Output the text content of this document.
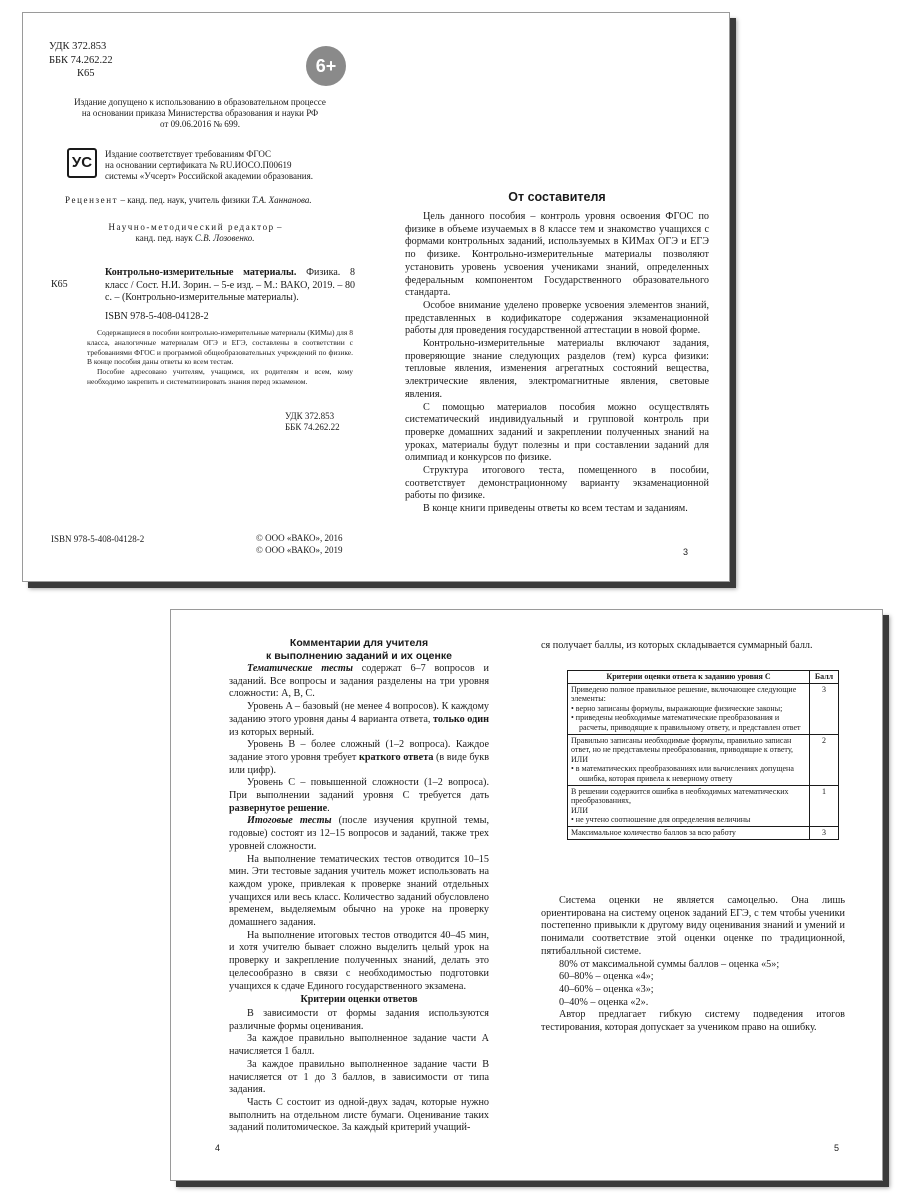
УДК 372.853
ББК 74.262.22
К65	6+
Издание допущено к использованию в образовательном процессе
на основании приказа Министерства образования и науки РФ
от 09.06.2016 № 699.
УС	Издание соответствует требованиям ФГОС
на основании сертификата № RU.ИОСО.П00619
системы «Учсерт» Российской академии образования.
Рецензент – канд. пед. наук, учитель физики Т.А. Ханнанова.
Научно-методический редактор –
канд. пед. наук С.В. Лозовенко.
К65
Контрольно-измерительные материалы. Физика. 8 класс / Сост. Н.И. Зорин. – 5-е изд. – М.: ВАКО, 2019. – 80 с. – (Контрольно-измерительные материалы).
ISBN 978-5-408-04128-2

Содержащиеся в пособии контрольно-измерительные материалы (КИМы) для 8 класса, аналогичные материалам ОГЭ и ЕГЭ, составлены в соответствии с требованиями ФГОС и программой общеобразовательных учреждений по физике. В конце пособия даны ответы ко всем тестам.

Пособие адресовано учителям, учащимся, их родителям и всем, кому необходимо закрепить и систематизировать знания перед экзаменом.

УДК 372.853
ББК 74.262.22
ISBN 978-5-408-04128-2	© ООО «ВАКО», 2016
© ООО «ВАКО», 2019
От составителя

Цель данного пособия – контроль уровня освоения ФГОС по физике в объеме изучаемых в 8 классе тем и знакомство учащихся с формами контрольных заданий, используемых в КИМах ОГЭ и ЕГЭ по физике. Контрольно-измерительные материалы позволяют установить уровень усвоения учениками знаний, определенных федеральным компонентом Государственного образовательного стандарта.

Особое внимание уделено проверке усвоения элементов знаний, представленных в кодификаторе содержания экзаменационной работы для проведения государственной аттестации в новой форме.

Контрольно-измерительные материалы включают задания, проверяющие знание следующих разделов (тем) курса физики: тепловые явления, изменения агрегатных состояний вещества, электрические явления, электромагнитные явления, световые явления.

С помощью материалов пособия можно осуществлять систематический индивидуальный и групповой контроль при проверке домашних заданий и закреплении полученных знаний на уроках, материалы будут полезны и при составлении заданий для олимпиад и конкурсов по физике.

Структура итогового теста, помещенного в пособии, соответствует демонстрационному варианту экзаменационной работы по физике.

В конце книги приведены ответы ко всем тестам и заданиям.

3
Комментарии для учителя
к выполнению заданий и их оценке

Тематические тесты содержат 6–7 вопросов и заданий. Все вопросы и задания разделены на три уровня сложности: A, B, C.

Уровень A – базовый (не менее 4 вопросов). К каждому заданию этого уровня даны 4 варианта ответа, только один из которых верный.

Уровень B – более сложный (1–2 вопроса). Каждое задание этого уровня требует краткого ответа (в виде букв или цифр).

Уровень C – повышенной сложности (1–2 вопроса). При выполнении заданий уровня C требуется дать развернутое решение.

Итоговые тесты (после изучения крупной темы, годовые) состоят из 12–15 вопросов и заданий, также трех уровней сложности.

На выполнение тематических тестов отводится 10–15 мин. Эти тестовые задания учитель может использовать на каждом уроке, привлекая к проверке знаний отдельных учащихся или весь класс. Количество заданий обусловлено временем, выделяемым обычно на уроке на проверку домашнего задания.

На выполнение итоговых тестов отводится 40–45 мин, и хотя учителю бывает сложно выделить целый урок на проверку и закрепление полученных знаний, делать это целесообразно в связи с необходимостью подготовки учащихся к сдаче Единого государственного экзамена.

Критерии оценки ответов

В зависимости от формы задания используются различные формы оценивания.

За каждое правильно выполненное задание части A начисляется 1 балл.

За каждое правильно выполненное задание части B начисляется от 1 до 3 баллов, в зависимости от типа задания.

Часть C состоит из одной-двух задач, которые нужно выполнить на отдельном листе бумаги. Оценивание таких заданий политомическое. За каждый критерий учащий-

4

ся получает баллы, из которых складывается суммарный балл.

Критерии оценки ответа к заданию уровня C	Балл
Приведено полное правильное решение, включающее следующие элементы:
• верно записаны формулы, выражающие физические законы;
• приведены необходимые математические преобразования и расчеты, приводящие к правильному ответу, и представлен ответ	3
Правильно записаны необходимые формулы, правильно записан ответ, но не представлены преобразования, приводящие к ответу,
ИЛИ
• в математических преобразованиях или вычислениях допущена ошибка, которая привела к неверному ответу	2
В решении содержится ошибка в необходимых математических преобразованиях,
ИЛИ
• не учтено соотношение для определения величины	1
Максимальное количество баллов за всю работу	3

Система оценки не является самоцелью. Она лишь ориентирована на систему оценок заданий ЕГЭ, с тем чтобы ученики постепенно привыкли к другому виду оценивания знаний и умений и понимали соответствие этой оценки оценке по традиционной, пятибалльной системе.

80% от максимальной суммы баллов – оценка «5»;

60–80% – оценка «4»;

40–60% – оценка «3»;

0–40% – оценка «2».

Автор предлагает гибкую систему подведения итогов тестирования, которая допускает за учеником право на ошибку.

5
